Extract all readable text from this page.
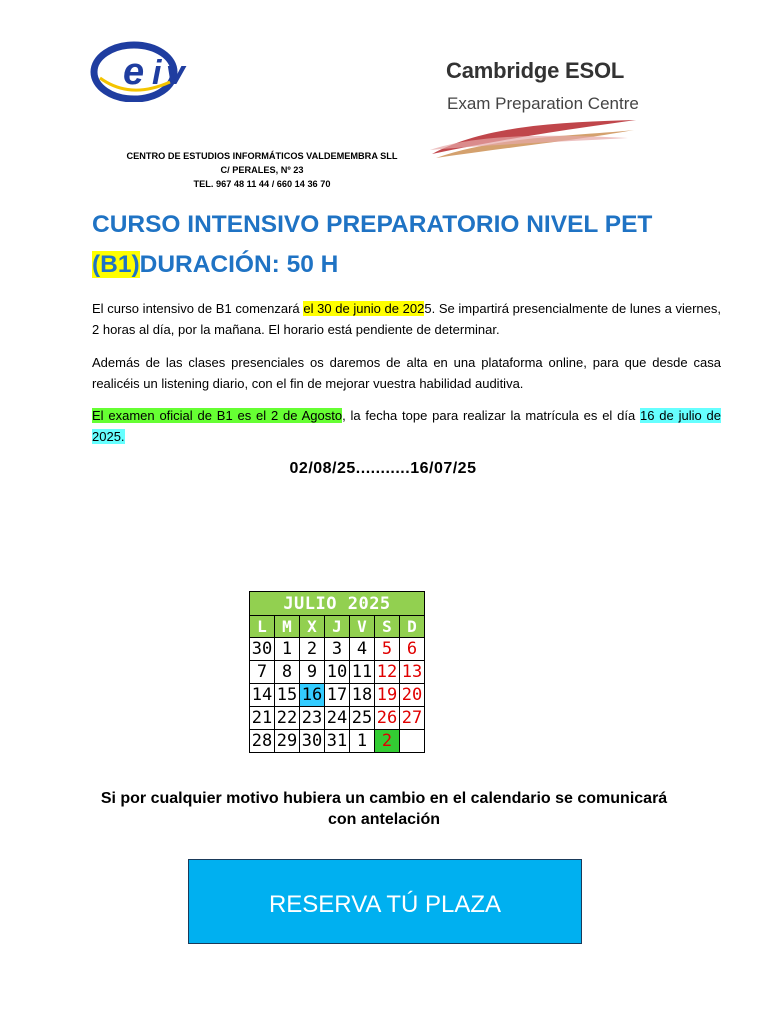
e i v	Cambridge ESOL
Exam Preparation Centre
CENTRO DE ESTUDIOS INFORMÁTICOS VALDEMEMBRA SLL
C/ PERALES, Nº 23
TEL. 967 48 11 44 / 660 14 36 70
CURSO INTENSIVO PREPARATORIO NIVEL PET
(B1)DURACIÓN: 50 H
El curso intensivo de B1 comenzará el 30 de junio de 2025. Se impartirá presencialmente de lunes a viernes, 2 horas al día, por la mañana. El horario está pendiente de determinar.
Además de las clases presenciales os daremos de alta en una plataforma online, para que desde casa realicéis un listening diario, con el fin de mejorar vuestra habilidad auditiva.
El examen oficial de B1 es el 2 de Agosto, la fecha tope para realizar la matrícula es el día 16 de julio de 2025.
02/08/25...........16/07/25
JULIO 2025						
L	M	X	J	V	S	D
30	1	2	3	4	5	6
7	8	9	10	11	12	13
14	15	16	17	18	19	20
21	22	23	24	25	26	27
28	29	30	31	1	2	
Si por cualquier motivo hubiera un cambio en el calendario se comunicará
con antelación
RESERVA TÚ PLAZA
